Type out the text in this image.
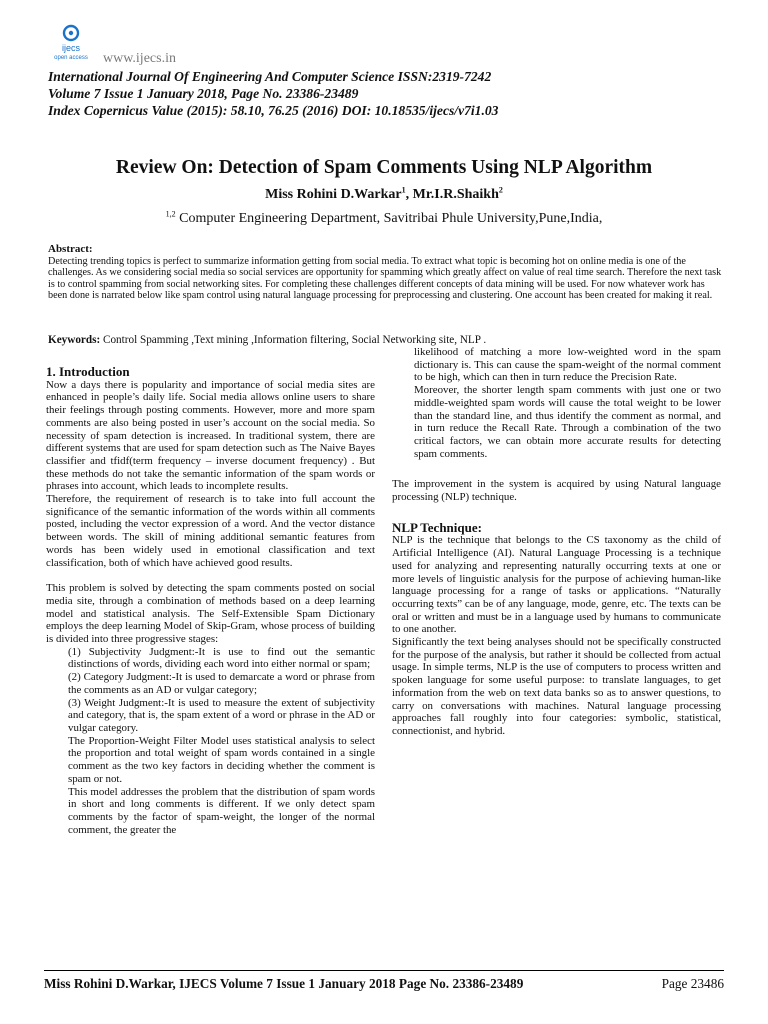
ijecs
open access www.ijecs.in
International Journal Of Engineering And Computer Science ISSN:2319-7242
Volume 7 Issue 1 January 2018, Page No. 23386-23489
Index Copernicus Value (2015): 58.10, 76.25 (2016) DOI: 10.18535/ijecs/v7i1.03
Review On: Detection of Spam Comments Using NLP Algorithm
Miss Rohini D.Warkar$^1$, Mr.I.R.Shaikh$^2$
$^{1,2}$ Computer Engineering Department, Savitribai Phule University,Pune,India,
Abstract:
Detecting trending topics is perfect to summarize information getting from social media. To extract what topic is becoming hot on online media is one of the challenges. As we considering social media so social services are opportunity for spamming which greatly affect on value of real time search. Therefore the next task is to control spamming from social networking sites. For completing these challenges different concepts of data mining will be used. For now whatever work has been done is narrated below like spam control using natural language processing for preprocessing and clustering. One account has been created for making it real.
Keywords: Control Spamming ,Text mining ,Information filtering, Social Networking site, NLP .

1. Introduction

Now a days there is popularity and importance of social media sites are enhanced in people’s daily life. Social media allows online users to share their feelings through posting comments. However, more and more spam comments are also being posted in user’s account on the social media. So necessity of spam detection is increased. In traditional system, there are different systems that are used for spam detection such as The Naive Bayes classifier and tfidf(term frequency – inverse document frequency) . But these methods do not take the semantic information of the spam words or phrases into account, which leads to incomplete results.

Therefore, the requirement of research is to take into full account the significance of the semantic information of the words within all comments posted, including the vector expression of a word. And the vector distance between words. The skill of mining additional semantic features from words has been widely used in emotional classification and text classification, both of which have achieved good results.

This problem is solved by detecting the spam comments posted on social media site, through a combination of methods based on a deep learning model and statistical analysis. The Self-Extensible Spam Dictionary employs the deep learning Model of Skip-Gram, whose process of building is divided into three progressive stages:

(1) Subjectivity Judgment:-It is use to find out the semantic distinctions of words, dividing each word into either normal or spam;

(2) Category Judgment:-It is used to demarcate a word or phrase from the comments as an AD or vulgar category;

(3) Weight Judgment:-It is used to measure the extent of subjectivity and category, that is, the spam extent of a word or phrase in the AD or vulgar category.

The Proportion-Weight Filter Model uses statistical analysis to select the proportion and total weight of spam words contained in a single comment as the two key factors in deciding whether the comment is spam or not.

This model addresses the problem that the distribution of spam words in short and long comments is different. If we only detect spam comments by the factor of spam-weight, the longer of the normal comment, the greater the

likelihood of matching a more low-weighted word in the spam dictionary is. This can cause the spam-weight of the normal comment to be high, which can then in turn reduce the Precision Rate.

Moreover, the shorter length spam comments with just one or two middle-weighted spam words will cause the total weight to be lower than the standard line, and thus identify the comment as normal, and in turn reduce the Recall Rate. Through a combination of the two critical factors, we can obtain more accurate results for detecting spam comments.

The improvement in the system is acquired by using Natural language processing (NLP) technique.

NLP Technique:

NLP is the technique that belongs to the CS taxonomy as the child of Artificial Intelligence (AI). Natural Language Processing is a technique used for analyzing and representing naturally occurring texts at one or more levels of linguistic analysis for the purpose of achieving human-like language processing for a range of tasks or applications. “Naturally occurring texts” can be of any language, mode, genre, etc. The texts can be oral or written and must be in a language used by humans to communicate to one another.

Significantly the text being analyses should not be specifically constructed for the purpose of the analysis, but rather it should be collected from actual usage. In simple terms, NLP is the use of computers to process written and spoken language for some useful purpose: to translate languages, to get information from the web on text data banks so as to answer questions, to carry on conversations with machines. Natural language processing approaches fall roughly into four categories: symbolic, statistical, connectionist, and hybrid.

Miss Rohini D.Warkar, IJECS Volume 7 Issue 1 January 2018 Page No. 23386-23489	Page 23486
